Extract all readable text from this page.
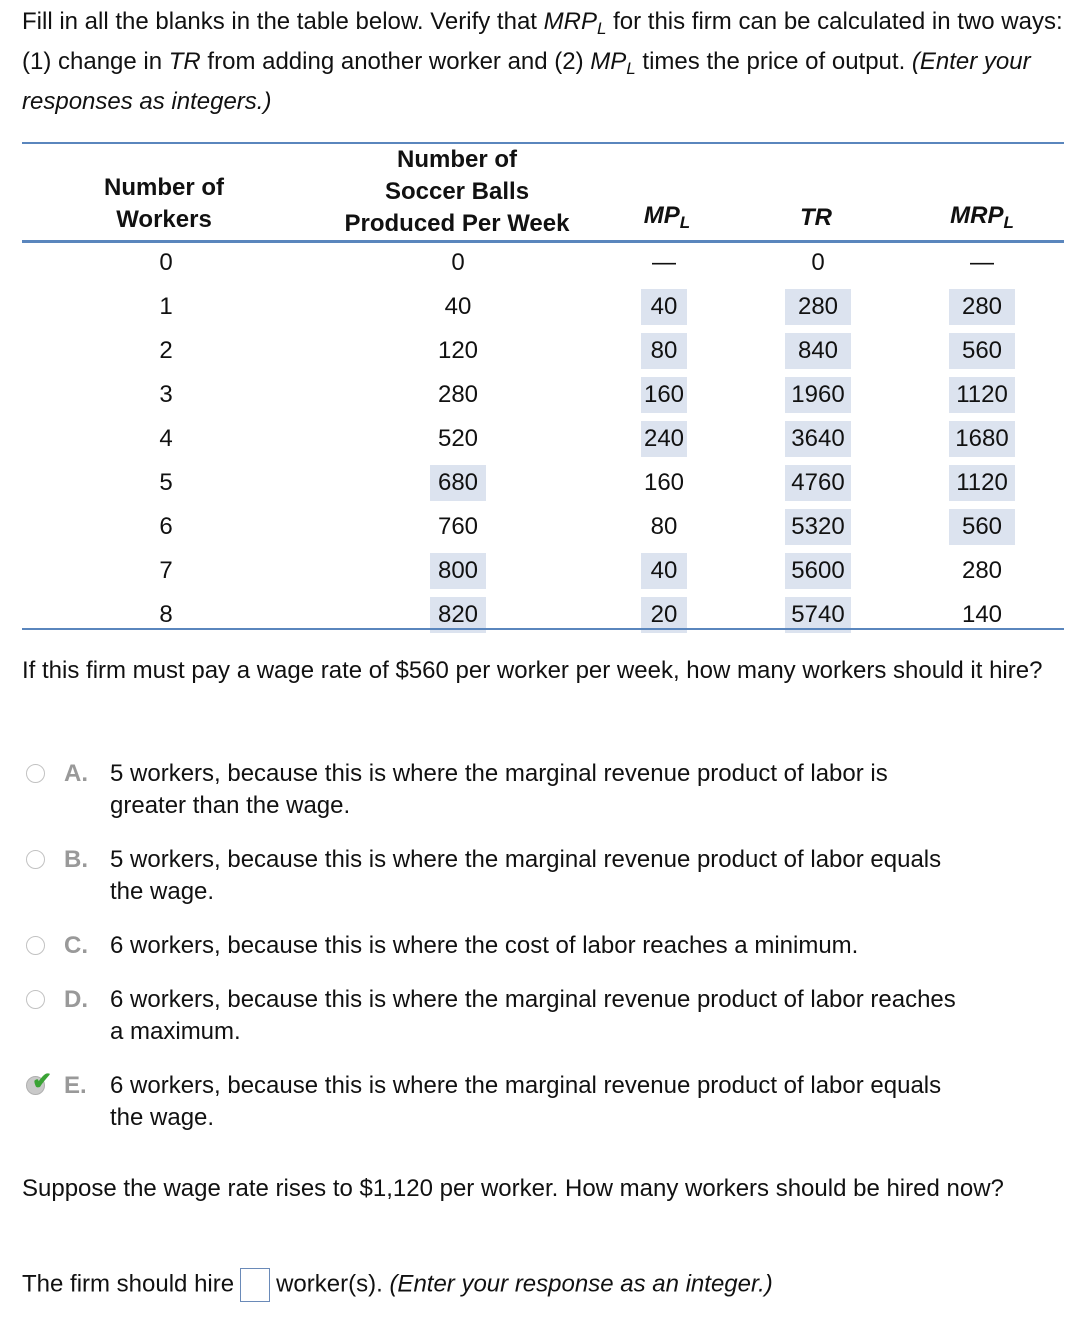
Fill in all the blanks in the table below. Verify that $MRP_L$ for this firm can be calculated in two ways: (1) change in TR from adding another worker and (2) $MP_L$ times the price of output. (Enter your responses as integers.)
Number of
Workers
Number of
Soccer Balls
Produced Per Week	$MP_L$	TR	$MRP_L$
0	0	—	0	—
1	40	40	280	280
2	120	80	840	560
3	280	160	1960	1120
4	520	240	3640	1680
5	680	160	4760	1120
6	760	80	5320	560
7	800	40	5600	280
8	820	20	5740	140
If this firm must pay a wage rate of $560 per worker per week, how many workers should it hire?
A. 5 workers, because this is where the marginal revenue product of labor is
greater than the wage.
B. 5 workers, because this is where the marginal revenue product of labor equals
the wage.
C. 6 workers, because this is where the cost of labor reaches a minimum.
D. 6 workers, because this is where the marginal revenue product of labor reaches
a maximum.
✔ E. 6 workers, because this is where the marginal revenue product of labor equals
the wage.
Suppose the wage rate rises to $1,120 per worker. How many workers should be hired now?
The firm should hire worker(s). (Enter your response as an integer.)
